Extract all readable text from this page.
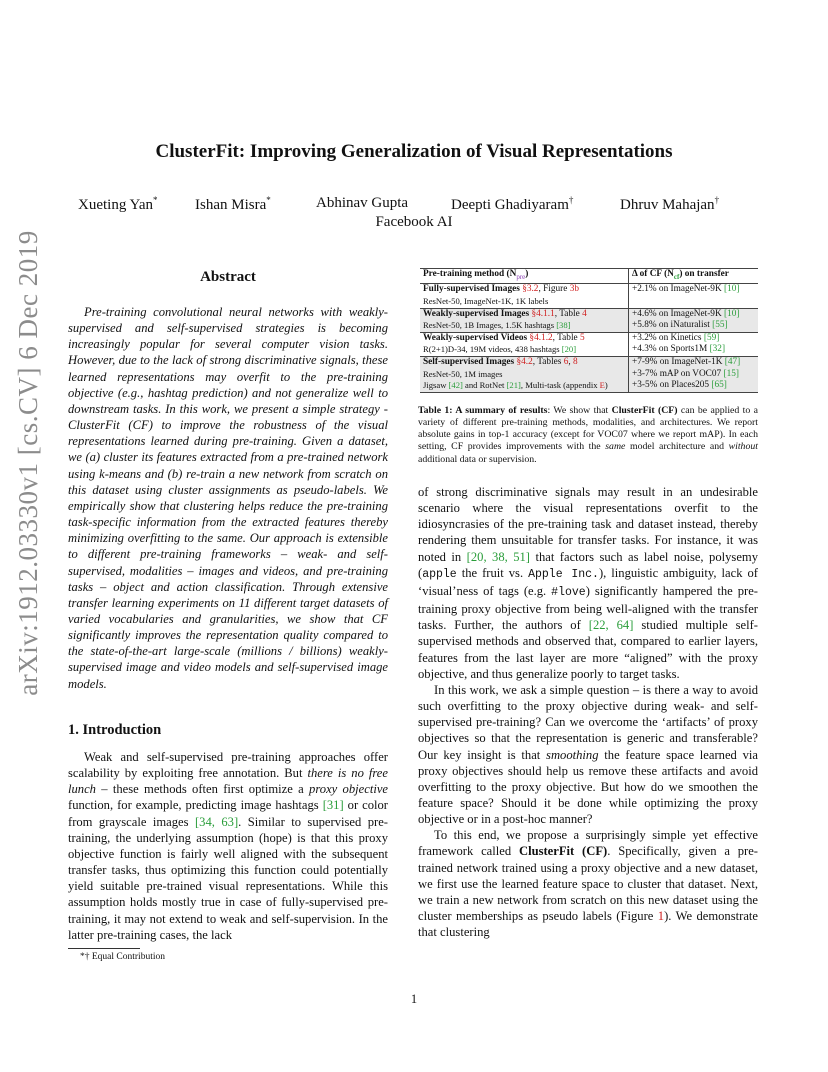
arXiv:1912.03330v1 [cs.CV] 6 Dec 2019
ClusterFit: Improving Generalization of Visual Representations
Xueting Yan* Ishan Misra*	Abhinav Gupta	Deepti Ghadiyaram†	Dhruv Mahajan†
Facebook AI
Abstract
Pre-training convolutional neural networks with weakly-supervised and self-supervised strategies is becoming increasingly popular for several computer vision tasks. However, due to the lack of strong discriminative signals, these learned representations may overfit to the pre-training objective (e.g., hashtag prediction) and not generalize well to downstream tasks. In this work, we present a simple strategy - ClusterFit (CF) to improve the robustness of the visual representations learned during pre-training. Given a dataset, we (a) cluster its features extracted from a pre-trained network using k-means and (b) re-train a new network from scratch on this dataset using cluster assignments as pseudo-labels. We empirically show that clustering helps reduce the pre-training task-specific information from the extracted features thereby minimizing overfitting to the same. Our approach is extensible to different pre-training frameworks – weak- and self-supervised, modalities – images and videos, and pre-training tasks – object and action classification. Through extensive transfer learning experiments on 11 different target datasets of varied vocabularies and granularities, we show that CF significantly improves the representation quality compared to the state-of-the-art large-scale (millions / billions) weakly-supervised image and video models and self-supervised image models.
1. Introduction
Weak and self-supervised pre-training approaches offer scalability by exploiting free annotation. But there is no free lunch – these methods often first optimize a proxy objective function, for example, predicting image hashtags [31] or color from grayscale images [34, 63]. Similar to supervised pre-training, the underlying assumption (hope) is that this proxy objective function is fairly well aligned with the subsequent transfer tasks, thus optimizing this function could potentially yield suitable pre-trained visual representations. While this assumption holds mostly true in case of fully-supervised pre-training, it may not extend to weak and self-supervision. In the latter pre-training cases, the lack
*† Equal Contribution
1
Pre-training method $(N_{pre})$	Δ of CF $(N_{cf})$ on transfer
Fully-supervised Images §3.2, Figure 3b	+2.1% on ImageNet-9K [10]
ResNet-50, ImageNet-1K, 1K labels	
Weakly-supervised Images §4.1.1, Table 4	+4.6% on ImageNet-9K [10]
ResNet-50, 1B Images, 1.5K hashtags [38]	+5.8% on iNaturalist [55]
Weakly-supervised Videos §4.1.2, Table 5	+3.2% on Kinetics [59]
R(2+1)D-34, 19M videos, 438 hashtags [20]	+4.3% on Sports1M [32]
Self-supervised Images §4.2, Tables 6, 8	+7-9% on ImageNet-1K [47]
ResNet-50, 1M images	+3-7% mAP on VOC07 [15]
Jigsaw [42] and RotNet [21], Multi-task (appendix E)	+3-5% on Places205 [65]
Table 1: A summary of results: We show that ClusterFit (CF) can be applied to a variety of different pre-training methods, modalities, and architectures. We report absolute gains in top-1 accuracy (except for VOC07 where we report mAP). In each setting, CF provides improvements with the same model architecture and without additional data or supervision.

of strong discriminative signals may result in an undesirable scenario where the visual representations overfit to the idiosyncrasies of the pre-training task and dataset instead, thereby rendering them unsuitable for transfer tasks. For instance, it was noted in [20, 38, 51] that factors such as label noise, polysemy (apple the fruit vs. Apple Inc.), linguistic ambiguity, lack of ‘visual’ness of tags (e.g. #love) significantly hampered the pre-training proxy objective from being well-aligned with the transfer tasks. Further, the authors of [22, 64] studied multiple self-supervised methods and observed that, compared to earlier layers, features from the last layer are more “aligned” with the proxy objective, and thus generalize poorly to target tasks.

In this work, we ask a simple question – is there a way to avoid such overfitting to the proxy objective during weak- and self-supervised pre-training? Can we overcome the ‘artifacts’ of proxy objectives so that the representation is generic and transferable? Our key insight is that smoothing the feature space learned via proxy objectives should help us remove these artifacts and avoid overfitting to the proxy objective. But how do we smoothen the feature space? Should it be done while optimizing the proxy objective or in a post-hoc manner?

To this end, we propose a surprisingly simple yet effective framework called ClusterFit (CF). Specifically, given a pre-trained network trained using a proxy objective and a new dataset, we first use the learned feature space to cluster that dataset. Next, we train a new network from scratch on this new dataset using the cluster memberships as pseudo labels (Figure 1). We demonstrate that clustering
